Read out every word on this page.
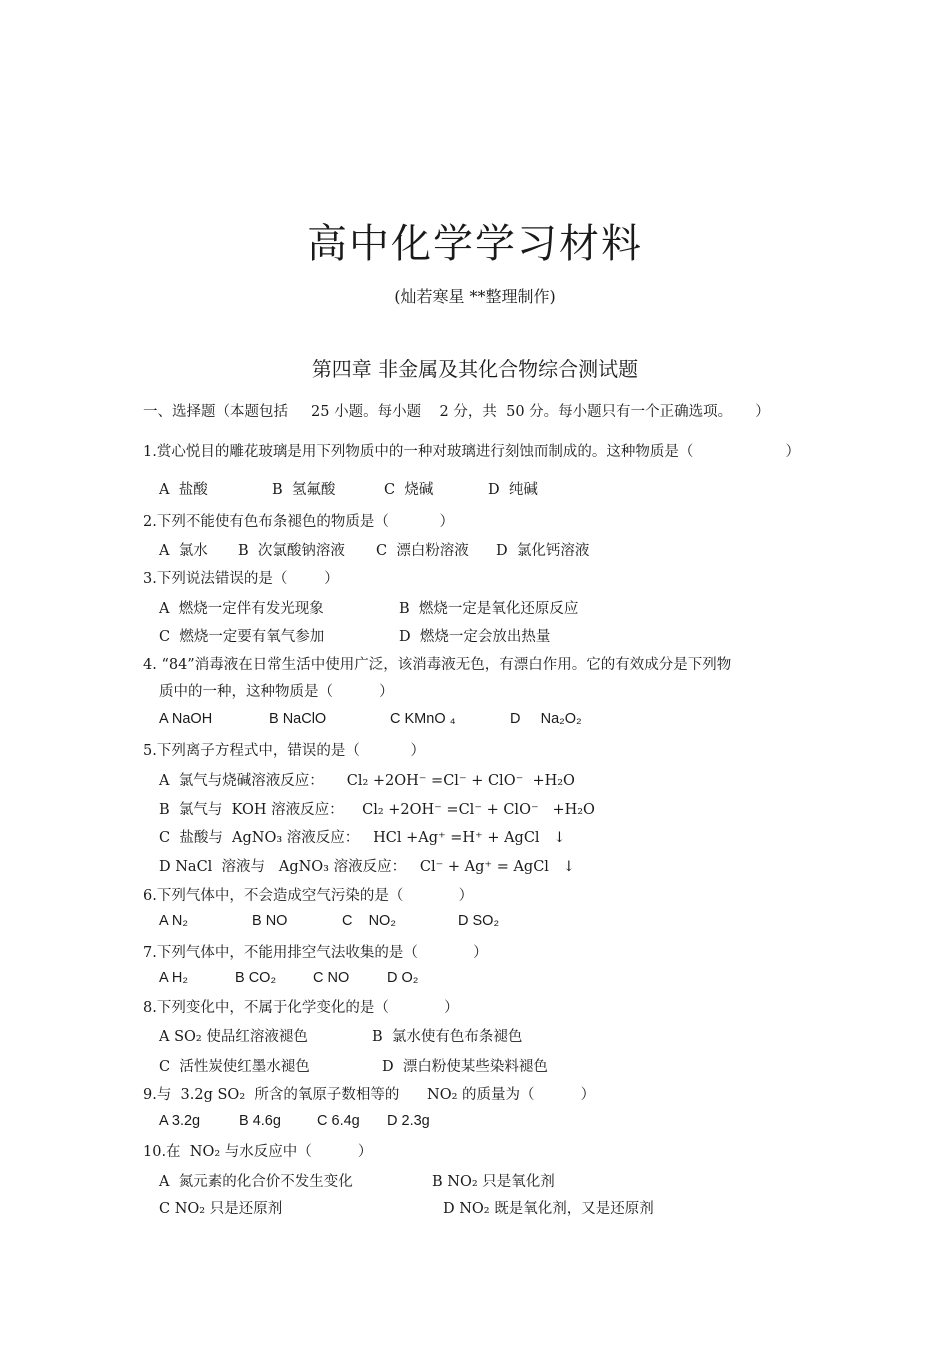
高中化学学习材料
(灿若寒星 **整理制作)
第四章 非金属及其化合物综合测试题
一、选择题（本题包括     25 小题。每小题    2 分，共  50 分。每小题只有一个正确选项。     ）
1.赏心悦目的雕花玻璃是用下列物质中的一种对玻璃进行刻蚀而制成的。这种物质是（                    ）
A  盐酸	B  氢氟酸	C  烧碱	D  纯碱
2.下列不能使有色布条褪色的物质是（           ）
A  氯水 B  次氯酸钠溶液 C  漂白粉溶液 D  氯化钙溶液
3.下列说法错误的是（        ）
A  燃烧一定伴有发光现象	B  燃烧一定是氧化还原反应
C  燃烧一定要有氧气参加	D  燃烧一定会放出热量
4. “84”消毒液在日常生活中使用广泛，该消毒液无色，有漂白作用。它的有效成分是下列物
质中的一种，这种物质是（          ）
A NaOH	B NaClO	C KMnO ₄	D     Na₂O₂
5.下列离子方程式中，错误的是（           ）
A  氯气与烧碱溶液反应：     Cl₂ +2OH⁻ =Cl⁻ + ClO⁻  +H₂O
B  氯气与  KOH 溶液反应：    Cl₂ +2OH⁻ =Cl⁻ + ClO⁻   +H₂O
C  盐酸与  AgNO₃ 溶液反应：   HCl +Ag⁺ =H⁺ + AgCl   ↓
D NaCl  溶液与   AgNO₃ 溶液反应：   Cl⁻ + Ag⁺ = AgCl   ↓
6.下列气体中，不会造成空气污染的是（            ）
A N₂	B NO	C    NO₂	D SO₂
7.下列气体中，不能用排空气法收集的是（            ）
A H₂	B CO₂	C NO	D O₂
8.下列变化中，不属于化学变化的是（            ）
A SO₂ 使品红溶液褪色	B  氯水使有色布条褪色
C  活性炭使红墨水褪色	D  漂白粉使某些染料褪色
9.与  3.2g SO₂  所含的氧原子数相等的      NO₂ 的质量为（          ）
A 3.2g	B 4.6g C 6.4g D 2.3g
10.在  NO₂ 与水反应中（          ）
A  氮元素的化合价不发生变化	B NO₂ 只是氧化剂
C NO₂ 只是还原剂	D NO₂ 既是氧化剂，又是还原剂
